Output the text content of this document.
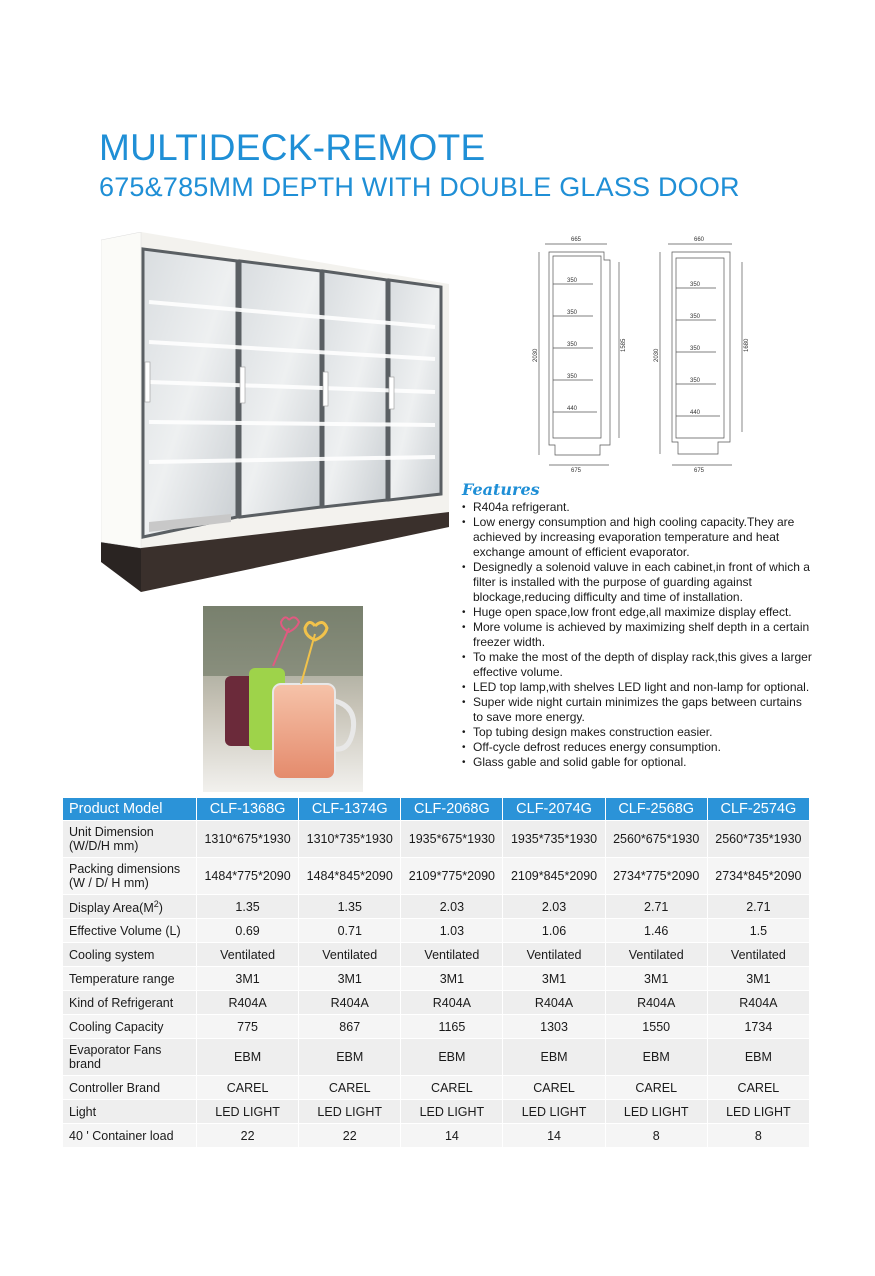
MULTIDECK-REMOTE
675&785MM DEPTH WITH DOUBLE GLASS DOOR
665
350
350
350
350
440
675
2030
1585
660
350
350
350
350
440
675
2030
1680
Features
• R404a refrigerant.
• Low energy consumption and high cooling capacity.They are achieved by increasing evaporation temperature and heat exchange amount of efficient evaporator.
• Designedly a solenoid valuve in each cabinet,in front of which a filter is installed with the purpose of guarding against blockage,reducing difficulty and time of installation.
• Huge open space,low front edge,all maximize display effect.
• More volume is achieved by maximizing shelf depth in a certain freezer width.
• To make the most of the depth of display rack,this gives a larger effective volume.
• LED top lamp,with shelves LED light and non-lamp for optional.
• Super wide night curtain minimizes the gaps between curtains to save more energy.
• Top tubing design makes construction easier.
• Off-cycle defrost reduces energy consumption.
• Glass gable and solid gable for optional.
Product Model	CLF-1368G	CLF-1374G	CLF-2068G	CLF-2074G	CLF-2568G	CLF-2574G
Unit Dimension (W/D/H mm)	1310*675*1930	1310*735*1930	1935*675*1930	1935*735*1930	2560*675*1930	2560*735*1930
Packing dimensions (W / D/ H mm)	1484*775*2090	1484*845*2090	2109*775*2090	2109*845*2090	2734*775*2090	2734*845*2090
Display $Area(M^2)$	1.35	1.35	2.03	2.03	2.71	2.71
Effective Volume (L)	0.69	0.71	1.03	1.06	1.46	1.5
Cooling system	Ventilated	Ventilated	Ventilated	Ventilated	Ventilated	Ventilated
Temperature range	3M1	3M1	3M1	3M1	3M1	3M1
Kind of Refrigerant	R404A	R404A	R404A	R404A	R404A	R404A
Cooling Capacity	775	867	1165	1303	1550	1734
Evaporator Fans brand	EBM	EBM	EBM	EBM	EBM	EBM
Controller Brand	CAREL	CAREL	CAREL	CAREL	CAREL	CAREL
Light	LED LIGHT	LED LIGHT	LED LIGHT	LED LIGHT	LED LIGHT	LED LIGHT
40 ' Container load	22	22	14	14	8	8
